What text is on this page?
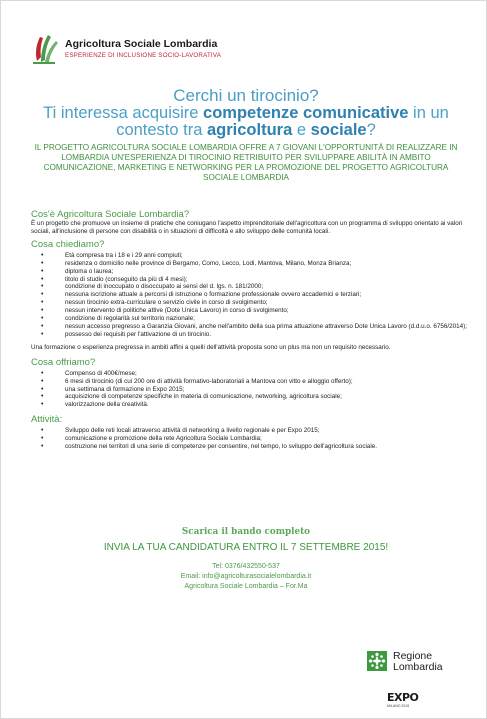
Agricoltura Sociale Lombardia
ESPERIENZE DI INCLUSIONE SOCIO-LAVORATIVA
Cerchi un tirocinio?
Ti interessa acquisire competenze comunicative in un
contesto tra agricoltura e sociale?
IL PROGETTO AGRICOLTURA SOCIALE LOMBARDIA OFFRE A 7 GIOVANI L'OPPORTUNITÀ DI REALIZZARE IN LOMBARDIA UN'ESPERIENZA DI TIROCINIO RETRIBUITO PER SVILUPPARE ABILITÀ IN AMBITO COMUNICAZIONE, MARKETING E NETWORKING PER LA PROMOZIONE DEL PROGETTO AGRICOLTURA SOCIALE LOMBARDIA
Cos'è Agricoltura Sociale Lombardia?

È un progetto che promuove un insieme di pratiche che coniugano l'aspetto imprenditoriale dell'agricoltura con un programma di sviluppo orientato ai valori sociali, all'inclusione di persone con disabilità o in situazioni di difficoltà e allo sviluppo delle comunità locali.

Cosa chiediamo?
• Età compresa tra i 18 e i 29 anni compiuti;
• residenza o domicilio nelle province di Bergamo, Como, Lecco, Lodi, Mantova, Milano, Monza Brianza;
• diploma o laurea;
• titolo di studio (conseguito da più di 4 mesi);
• condizione di inoccupato o disoccupato ai sensi del d. lgs. n. 181/2000;
• nessuna iscrizione attuale a percorsi di istruzione o formazione professionale ovvero accademici e terziari;
• nessun tirocinio extra-curriculare o servizio civile in corso di svolgimento;
• nessun intervento di politiche attive (Dote Unica Lavoro) in corso di svolgimento;
• condizione di regolarità sul territorio nazionale;
• nessun accesso pregresso a Garanzia Giovani, anche nell'ambito della sua prima attuazione attraverso Dote Unica Lavoro (d.d.u.o. 6756/2014);
• possesso dei requisiti per l'attivazione di un tirocinio.

Una formazione o esperienza pregressa in ambiti affini a quelli dell'attività proposta sono un plus ma non un requisito necessario.

Cosa offriamo?
• Compenso di 400€/mese;
• 6 mesi di tirocinio (di cui 200 ore di attività formativo-laboratoriali a Mantova con vitto e alloggio offerto);
• una settimana di formazione in Expo 2015;
• acquisizione di competenze specifiche in materia di comunicazione, networking, agricoltura sociale;
• valorizzazione della creatività.
Attività:
• Sviluppo delle reti locali attraverso attività di networking a livello regionale e per Expo 2015;
• comunicazione e promozione della rete Agricoltura Sociale Lombardia;
• costruzione nei territori di una serie di competenze per consentire, nel tempo, lo sviluppo dell'agricoltura sociale.
Scarica il bando completo
INVIA LA TUA CANDIDATURA ENTRO IL 7 SETTEMBRE 2015!
Tel: 0376/432550-537
Email: info@agricolturasocialelombardia.it
Agricoltura Sociale Lombardia – For.Ma
Regione
Lombardia
EXPO
MILANO 2015
